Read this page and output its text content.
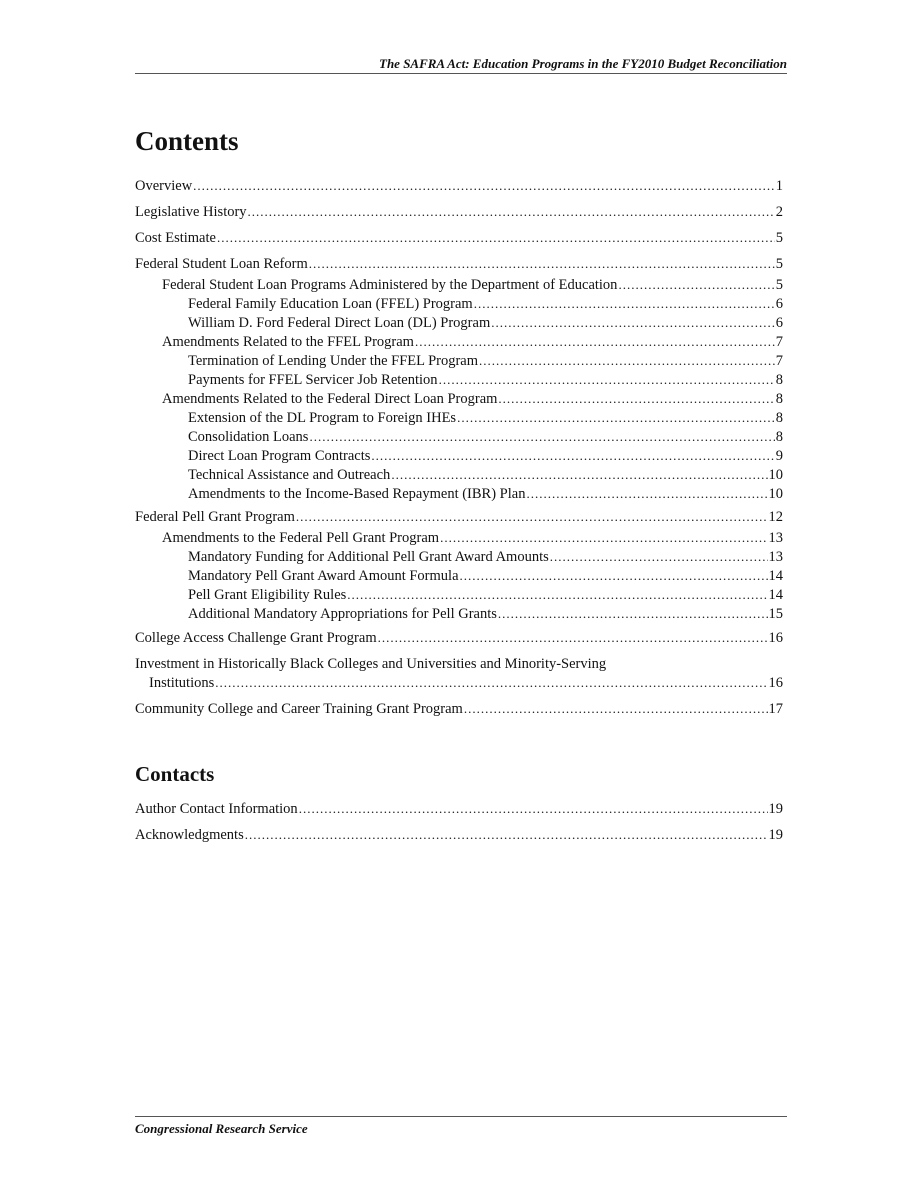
The SAFRA Act: Education Programs in the FY2010 Budget Reconciliation
Contents
Overview .....	1
Legislative History .....	2
Cost Estimate .....	5
Federal Student Loan Reform .....	5
Federal Student Loan Programs Administered by the Department of Education .....	5
Federal Family Education Loan (FFEL) Program .....	6
William D. Ford Federal Direct Loan (DL) Program .....	6
Amendments Related to the FFEL Program .....	7
Termination of Lending Under the FFEL Program .....	7
Payments for FFEL Servicer Job Retention .....	8
Amendments Related to the Federal Direct Loan Program .....	8
Extension of the DL Program to Foreign IHEs .....	8
Consolidation Loans .....	8
Direct Loan Program Contracts .....	9
Technical Assistance and Outreach .....	10
Amendments to the Income-Based Repayment (IBR) Plan .....	10
Federal Pell Grant Program .....	12
Amendments to the Federal Pell Grant Program .....	13
Mandatory Funding for Additional Pell Grant Award Amounts .....	13
Mandatory Pell Grant Award Amount Formula .....	14
Pell Grant Eligibility Rules .....	14
Additional Mandatory Appropriations for Pell Grants .....	15
College Access Challenge Grant Program .....	16
Investment in Historically Black Colleges and Universities and Minority-Serving
Institutions .....	16
Community College and Career Training Grant Program .....	17
Contacts
Author Contact Information .....	19
Acknowledgments .....	19
Congressional Research Service
